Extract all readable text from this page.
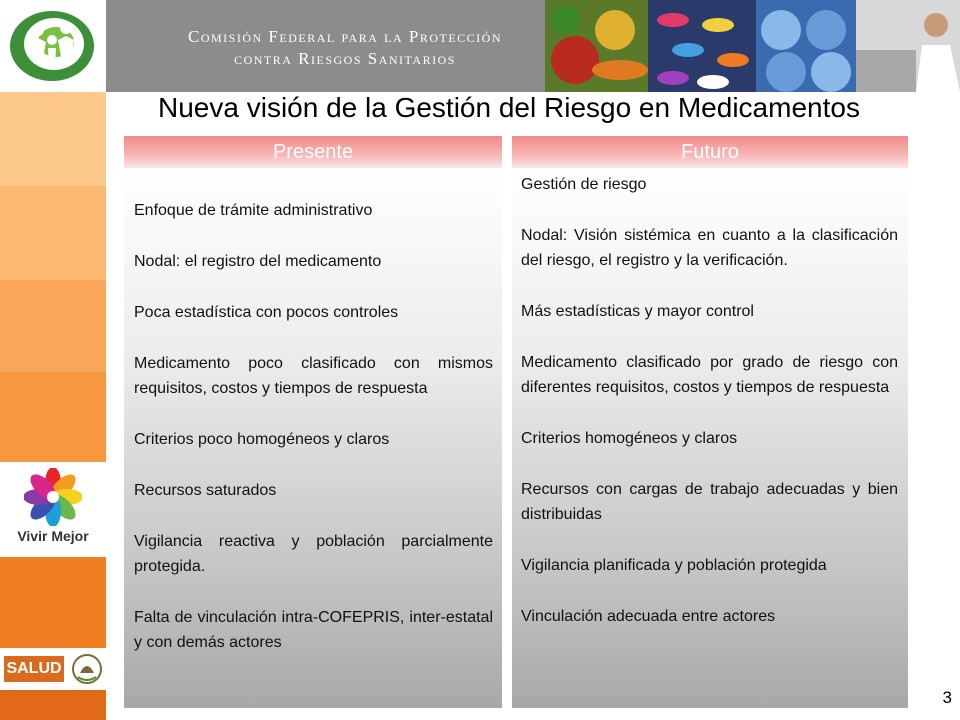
Comisión Federal para la Protección
contra Riesgos Sanitarios
Vivir Mejor
SALUD
Nueva visión de la Gestión del Riesgo en Medicamentos
Presente
Enfoque de trámite administrativo
Nodal: el registro del medicamento
Poca estadística con pocos controles
Medicamento poco clasificado con mismos requisitos, costos y tiempos de respuesta
Criterios poco homogéneos y claros
Recursos saturados
Vigilancia reactiva y población parcialmente protegida.
Falta de vinculación intra-COFEPRIS, inter-estatal y con demás actores
Futuro
Gestión de riesgo
Nodal: Visión sistémica en cuanto a la clasificación del riesgo, el registro y la verificación.
Más estadísticas y mayor control
Medicamento clasificado por grado de riesgo con diferentes requisitos, costos y tiempos de respuesta
Criterios homogéneos y claros
Recursos con cargas de trabajo adecuadas y bien distribuidas
Vigilancia planificada y población protegida
Vinculación adecuada entre actores
3
